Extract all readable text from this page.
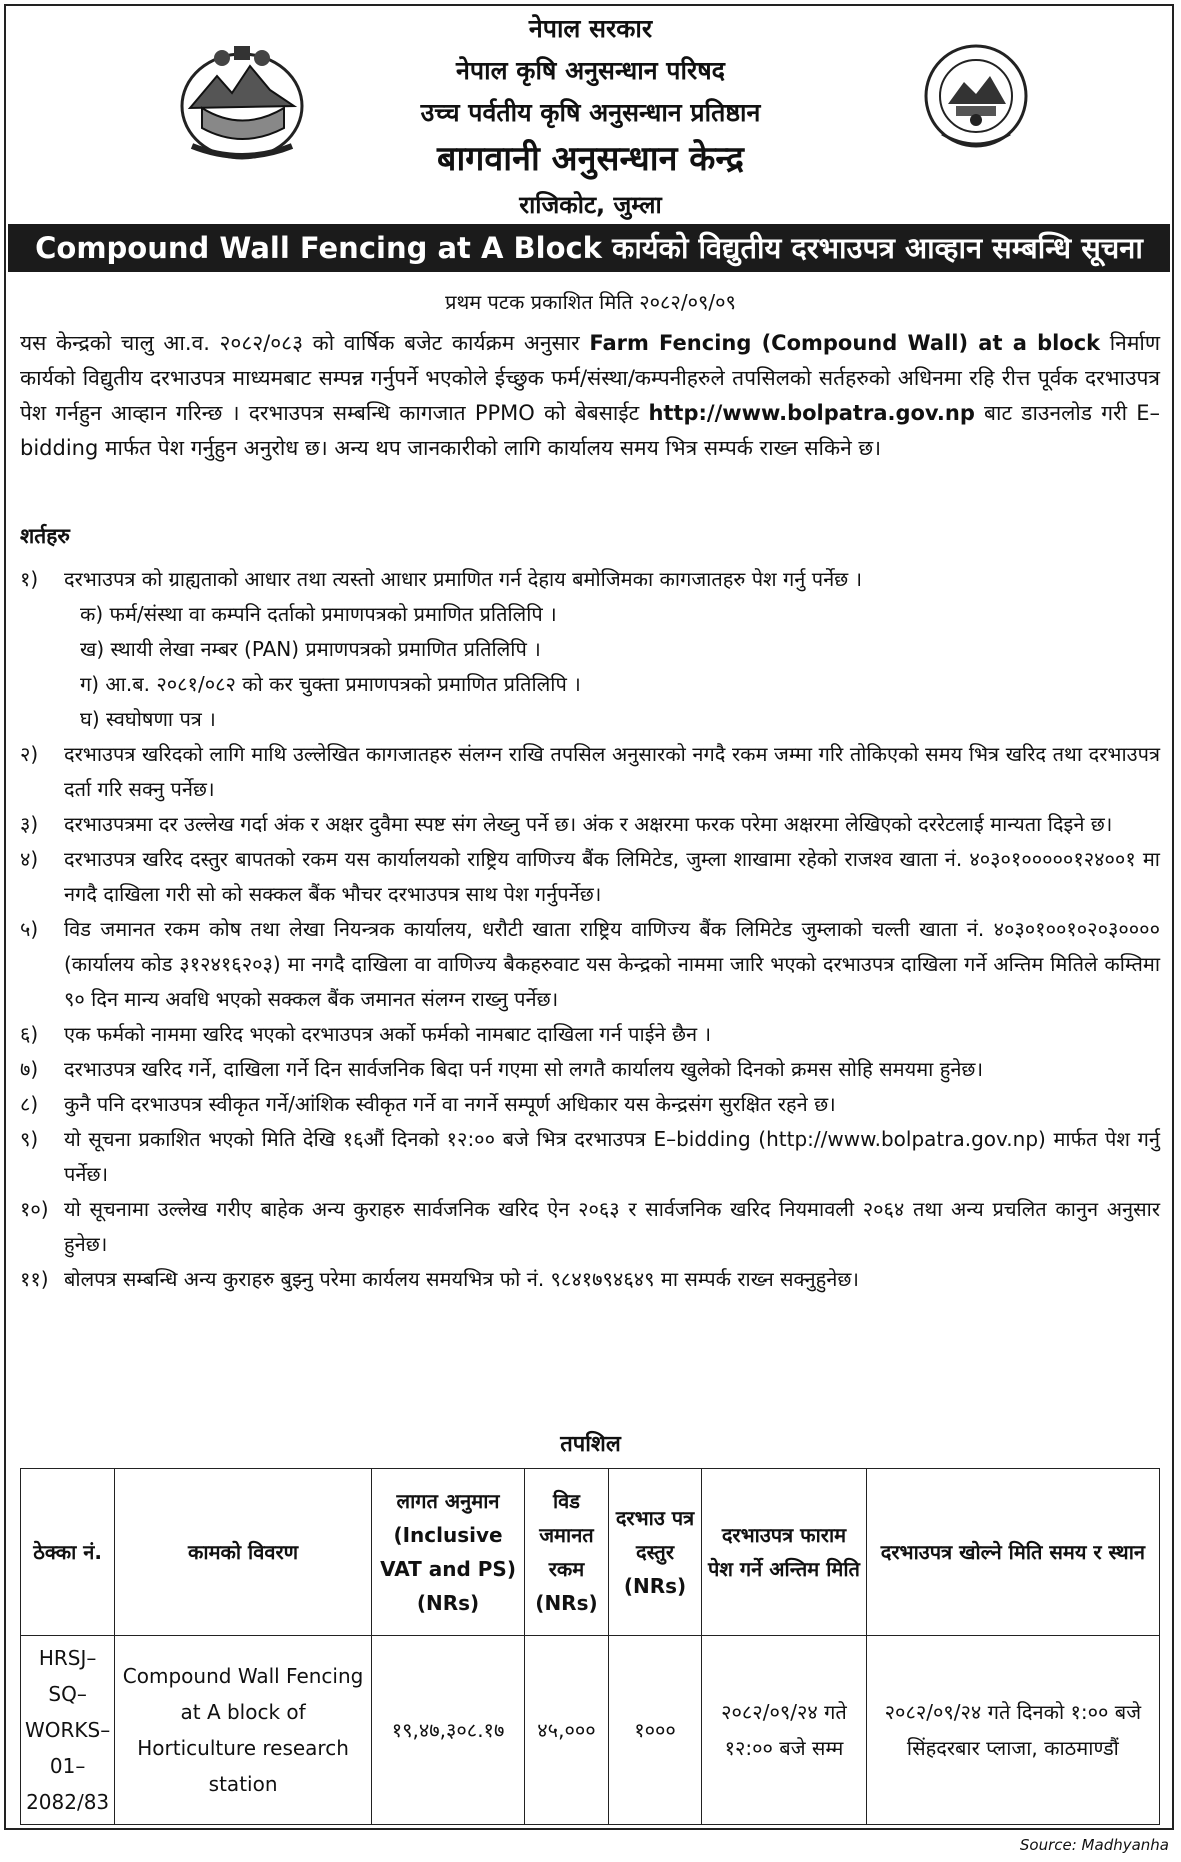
नेपाल सरकार
नेपाल कृषि अनुसन्धान परिषद
उच्च पर्वतीय कृषि अनुसन्धान प्रतिष्ठान
बागवानी अनुसन्धान केन्द्र
राजिकोट, जुम्ला
Compound Wall Fencing at A Block कार्यको विद्युतीय दरभाउपत्र आव्हान सम्बन्धि सूचना
प्रथम पटक प्रकाशित मिति २०८२/०९/०९
यस केन्द्रको चालु आ.व. २०८२/०८३ को वार्षिक बजेट कार्यक्रम अनुसार Farm Fencing (Compound Wall) at a block निर्माण कार्यको विद्युतीय दरभाउपत्र माध्यमबाट सम्पन्न गर्नुपर्ने भएकोले ईच्छुक फर्म/संस्था/कम्पनीहरुले तपसिलको सर्तहरुको अधिनमा रहि रीत्त पूर्वक दरभाउपत्र पेश गर्नहुन आव्हान गरिन्छ । दरभाउपत्र सम्बन्धि कागजात PPMO को बेबसाईट http://www.bolpatra.gov.np बाट डाउनलोड गरी E–bidding मार्फत पेश गर्नुहुन अनुरोध छ। अन्य थप जानकारीको लागि कार्यालय समय भित्र सम्पर्क राख्न सकिने छ।
शर्तहरु
१)	दरभाउपत्र को ग्राह्यताको आधार तथा त्यस्तो आधार प्रमाणित गर्न देहाय बमोजिमका कागजातहरु पेश गर्नु पर्नेछ ।
क) फर्म/संस्था वा कम्पनि दर्ताको प्रमाणपत्रको प्रमाणित प्रतिलिपि ।
ख) स्थायी लेखा नम्बर (PAN) प्रमाणपत्रको प्रमाणित प्रतिलिपि ।
ग) आ.ब. २०८१/०८२ को कर चुक्ता प्रमाणपत्रको प्रमाणित प्रतिलिपि ।
घ) स्वघोषणा पत्र ।
२)	दरभाउपत्र खरिदको लागि माथि उल्लेखित कागजातहरु संलग्न राखि तपसिल अनुसारको नगदै रकम जम्मा गरि तोकिएको समय भित्र खरिद तथा दरभाउपत्र दर्ता गरि सक्नु पर्नेछ।
३)	दरभाउपत्रमा दर उल्लेख गर्दा अंक र अक्षर दुवैमा स्पष्ट संग लेख्नु पर्ने छ। अंक र अक्षरमा फरक परेमा अक्षरमा लेखिएको दररेटलाई मान्यता दिइने छ।
४)	दरभाउपत्र खरिद दस्तुर बापतको रकम यस कार्यालयको राष्ट्रिय वाणिज्य बैंक लिमिटेड, जुम्ला शाखामा रहेको राजश्व खाता नं. ४०३०१०००००१२४००१ मा नगदै दाखिला गरी सो को सक्कल बैंक भौचर दरभाउपत्र साथ पेश गर्नुपर्नेछ।
५)	विड जमानत रकम कोष तथा लेखा नियन्त्रक कार्यालय, धरौटी खाता राष्ट्रिय वाणिज्य बैंक लिमिटेड जुम्लाको चल्ती खाता नं. ४०३०१००१०२०३०००० (कार्यालय कोड ३१२४१६२०३) मा नगदै दाखिला वा वाणिज्य बैकहरुवाट यस केन्द्रको नाममा जारि भएको दरभाउपत्र दाखिला गर्ने अन्तिम मितिले कम्तिमा ९० दिन मान्य अवधि भएको सक्कल बैंक जमानत संलग्न राख्नु पर्नेछ।
६)	एक फर्मको नाममा खरिद भएको दरभाउपत्र अर्को फर्मको नामबाट दाखिला गर्न पाईने छैन ।
७)	दरभाउपत्र खरिद गर्ने, दाखिला गर्ने दिन सार्वजनिक बिदा पर्न गएमा सो लगतै कार्यालय खुलेको दिनको क्रमस सोहि समयमा हुनेछ।
८)	कुनै पनि दरभाउपत्र स्वीकृत गर्ने/आंशिक स्वीकृत गर्ने वा नगर्ने सम्पूर्ण अधिकार यस केन्द्रसंग सुरक्षित रहने छ।
९)	यो सूचना प्रकाशित भएको मिति देखि १६औं दिनको १२:०० बजे भित्र दरभाउपत्र E–bidding (http://www.bolpatra.gov.np) मार्फत पेश गर्नु पर्नेछ।
१०) यो सूचनामा उल्लेख गरीए बाहेक अन्य कुराहरु सार्वजनिक खरिद ऐन २०६३ र सार्वजनिक खरिद नियमावली २०६४ तथा अन्य प्रचलित कानुन अनुसार हुनेछ।
११) बोलपत्र सम्बन्धि अन्य कुराहरु बुझ्नु परेमा कार्यलय समयभित्र फो नं. ९८४१७९४६४९ मा सम्पर्क राख्न सक्नुहुनेछ।
तपशिल
ठेक्का नं.	कामको विवरण	लागत अनुमान (Inclusive VAT and PS) (NRs)	विड जमानत रकम (NRs)	दरभाउ पत्र दस्तुर (NRs)	दरभाउपत्र फाराम पेश गर्ने अन्तिम मिति	दरभाउपत्र खोल्ने मिति समय र स्थान
HRSJ–SQ–WORKS–01–2082/83	Compound Wall Fencing at A block of Horticulture research station	१९,४७,३०८.१७	४५,०००	१०००	२०८२/०९/२४ गते १२:०० बजे सम्म	२०८२/०९/२४ गते दिनको १:०० बजे सिंहदरबार प्लाजा, काठमाण्डौं
Source: Madhyanha
